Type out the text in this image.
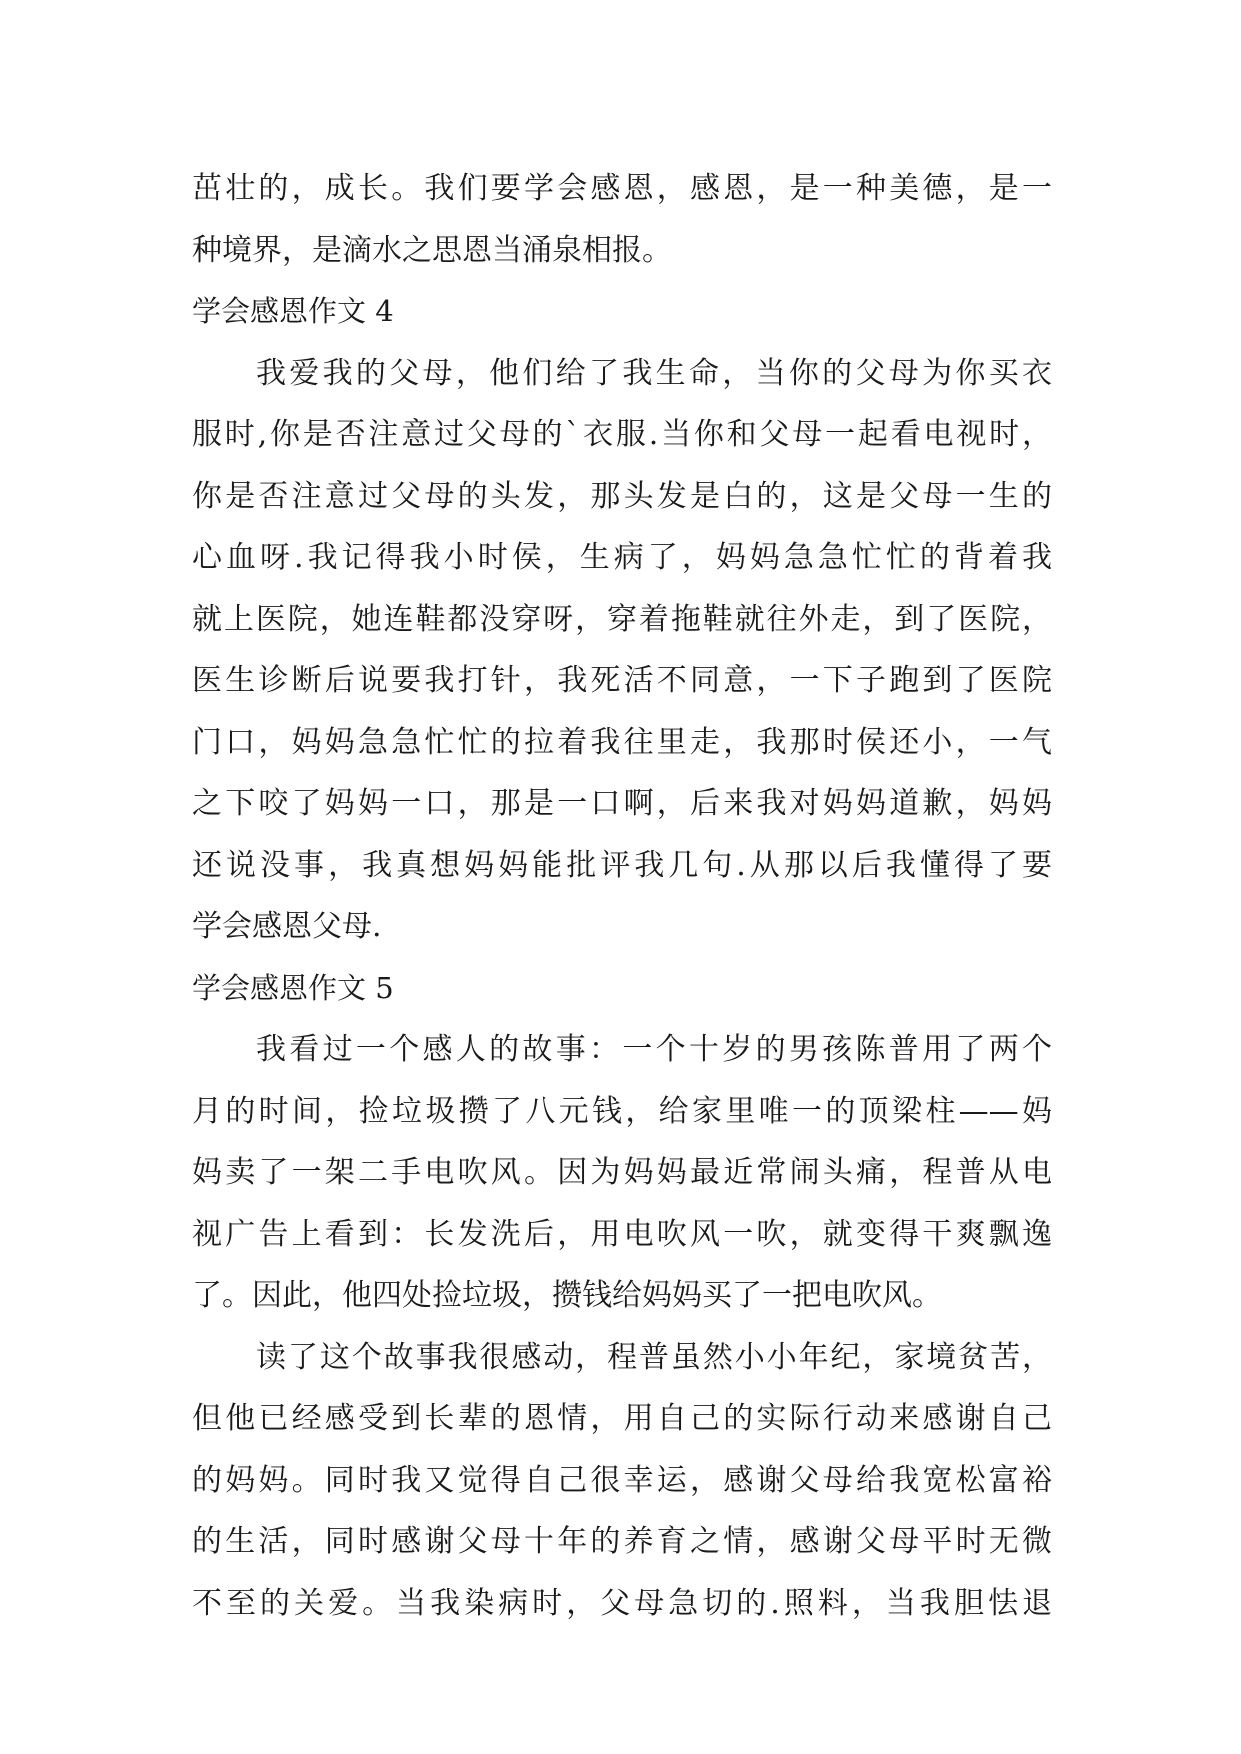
茁壮的，成长。我们要学会感恩，感恩，是一种美德，是一
种境界，是滴水之思恩当涌泉相报。
学会感恩作文 4
我爱我的父母，他们给了我生命，当你的父母为你买衣
服时,你是否注意过父母的`衣服.当你和父母一起看电视时，
你是否注意过父母的头发，那头发是白的，这是父母一生的
心血呀.我记得我小时侯，生病了，妈妈急急忙忙的背着我
就上医院，她连鞋都没穿呀，穿着拖鞋就往外走，到了医院，
医生诊断后说要我打针，我死活不同意，一下子跑到了医院
门口，妈妈急急忙忙的拉着我往里走，我那时侯还小，一气
之下咬了妈妈一口，那是一口啊，后来我对妈妈道歉，妈妈
还说没事，我真想妈妈能批评我几句.从那以后我懂得了要
学会感恩父母.
学会感恩作文 5
我看过一个感人的故事：一个十岁的男孩陈普用了两个
月的时间，捡垃圾攒了八元钱，给家里唯一的顶梁柱——妈
妈卖了一架二手电吹风。因为妈妈最近常闹头痛，程普从电
视广告上看到：长发洗后，用电吹风一吹，就变得干爽飘逸
了。因此，他四处捡垃圾，攒钱给妈妈买了一把电吹风。
读了这个故事我很感动，程普虽然小小年纪，家境贫苦，
但他已经感受到长辈的恩情，用自己的实际行动来感谢自己
的妈妈。同时我又觉得自己很幸运，感谢父母给我宽松富裕
的生活，同时感谢父母十年的养育之情，感谢父母平时无微
不至的关爱。当我染病时，父母急切的.照料，当我胆怯退
